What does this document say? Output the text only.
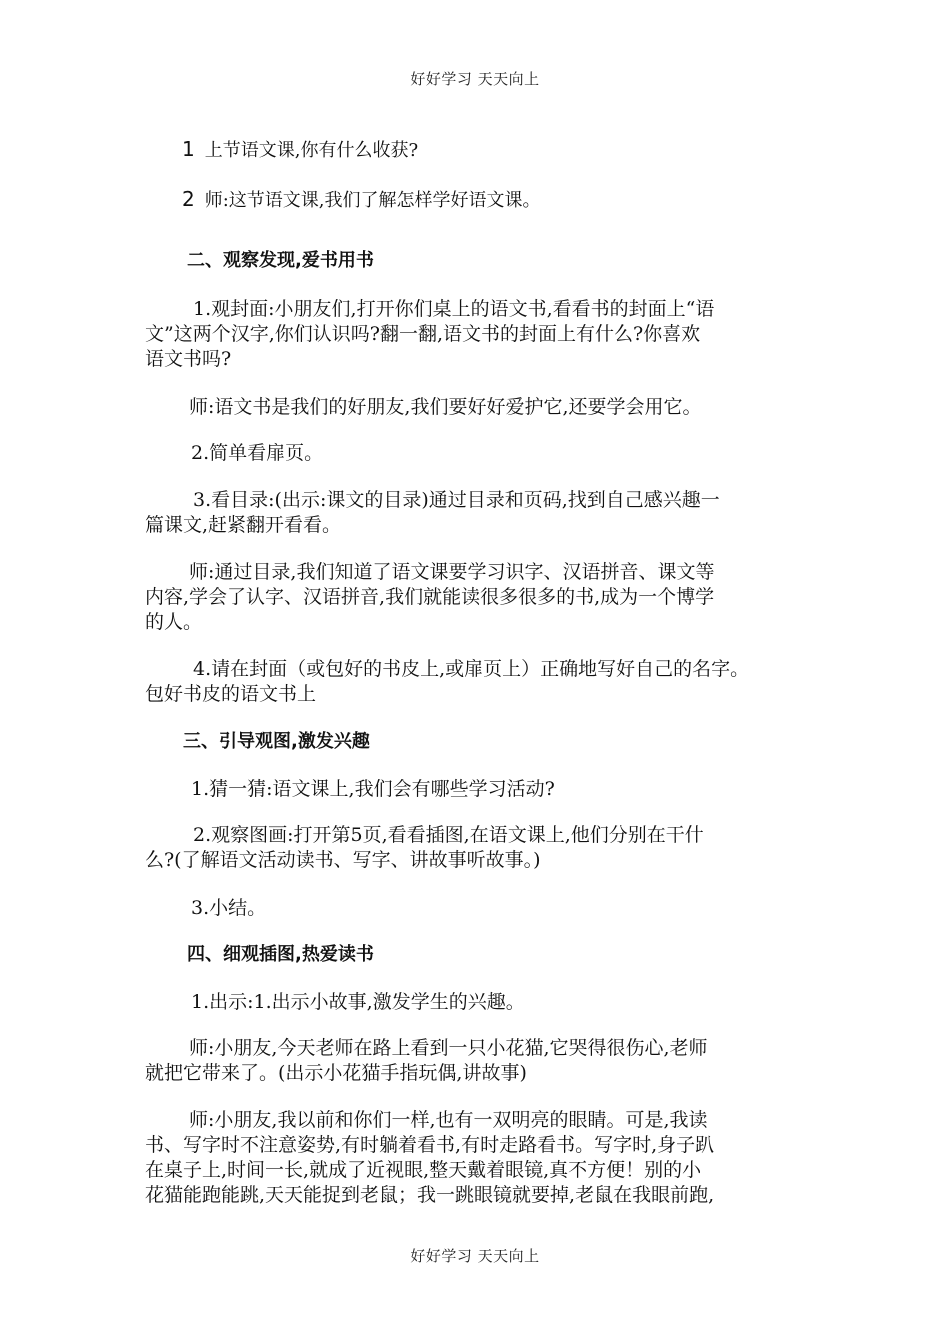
好好学习 天天向上
1 上节语文课,你有什么收获?
2 师:这节语文课,我们了解怎样学好语文课。
二、观察发现,爱书用书
1.观封面:小朋友们,打开你们桌上的语文书,看看书的封面上“语
文”这两个汉字,你们认识吗?翻一翻,语文书的封面上有什么?你喜欢
语文书吗?
师:语文书是我们的好朋友,我们要好好爱护它,还要学会用它。
2.简单看扉页。
3.看目录:(出示:课文的目录)通过目录和页码,找到自己感兴趣一
篇课文,赶紧翻开看看。
师:通过目录,我们知道了语文课要学习识字、汉语拼音、课文等
内容,学会了认字、汉语拼音,我们就能读很多很多的书,成为一个博学
的人。
4.请在封面（或包好的书皮上,或扉页上）正确地写好自己的名字。
包好书皮的语文书上
三、引导观图,激发兴趣
1.猜一猜:语文课上,我们会有哪些学习活动?
2.观察图画:打开第5页,看看插图,在语文课上,他们分别在干什
么?(了解语文活动读书、写字、讲故事听故事。)
3.小结。
四、细观插图,热爱读书
1.出示:1.出示小故事,激发学生的兴趣。
师:小朋友,今天老师在路上看到一只小花猫,它哭得很伤心,老师
就把它带来了。(出示小花猫手指玩偶,讲故事)
师:小朋友,我以前和你们一样,也有一双明亮的眼睛。可是,我读
书、写字时不注意姿势,有时躺着看书,有时走路看书。写字时,身子趴
在桌子上,时间一长,就成了近视眼,整天戴着眼镜,真不方便！别的小
花猫能跑能跳,天天能捉到老鼠；我一跳眼镜就要掉,老鼠在我眼前跑,
好好学习 天天向上
